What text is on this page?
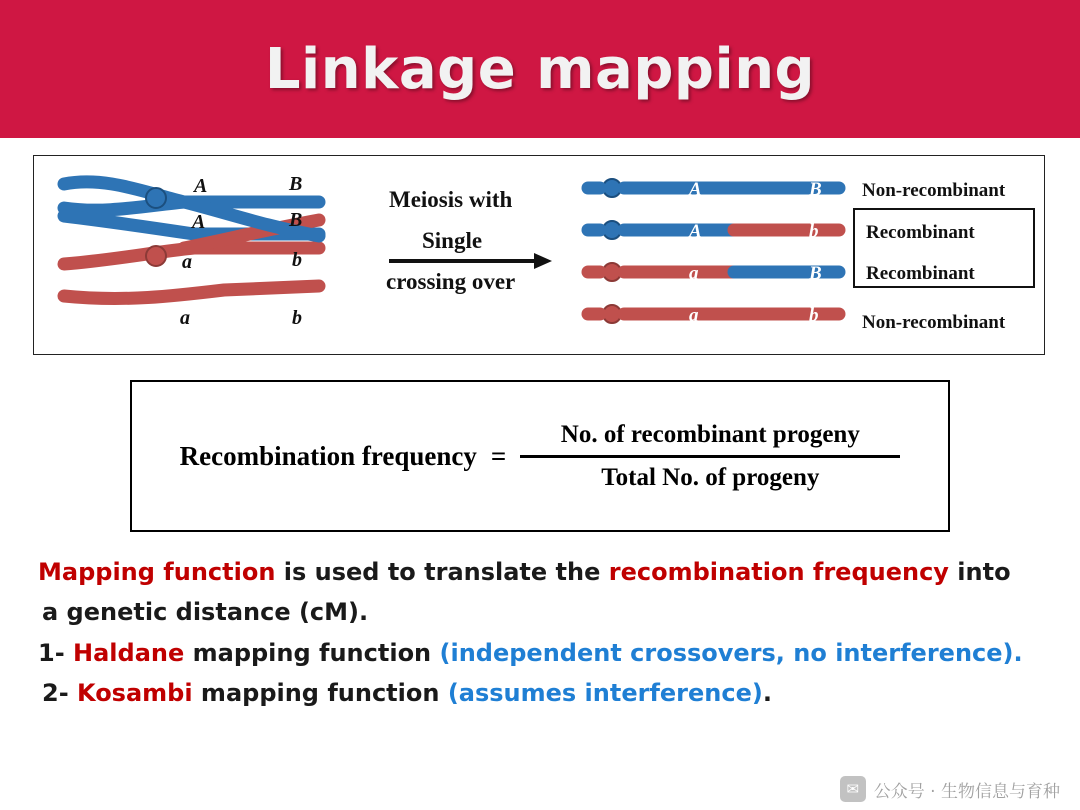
Linkage mapping
A
A
a
a
B
B
b
b
Meiosis with
Single
crossing over
A	B
A	b
a	B
a	b
Non-recombinant
Recombinant
Recombinant
Non-recombinant
Recombination frequency = $\frac{\text{No. of recombinant progeny}}{\text{Total No. of progeny}}$
Mapping function is used to translate the recombination frequency into
a genetic distance (cM).
1- Haldane mapping function (independent crossovers, no interference).
2- Kosambi mapping function (assumes interference).
✉ 公众号 · 生物信息与育种
